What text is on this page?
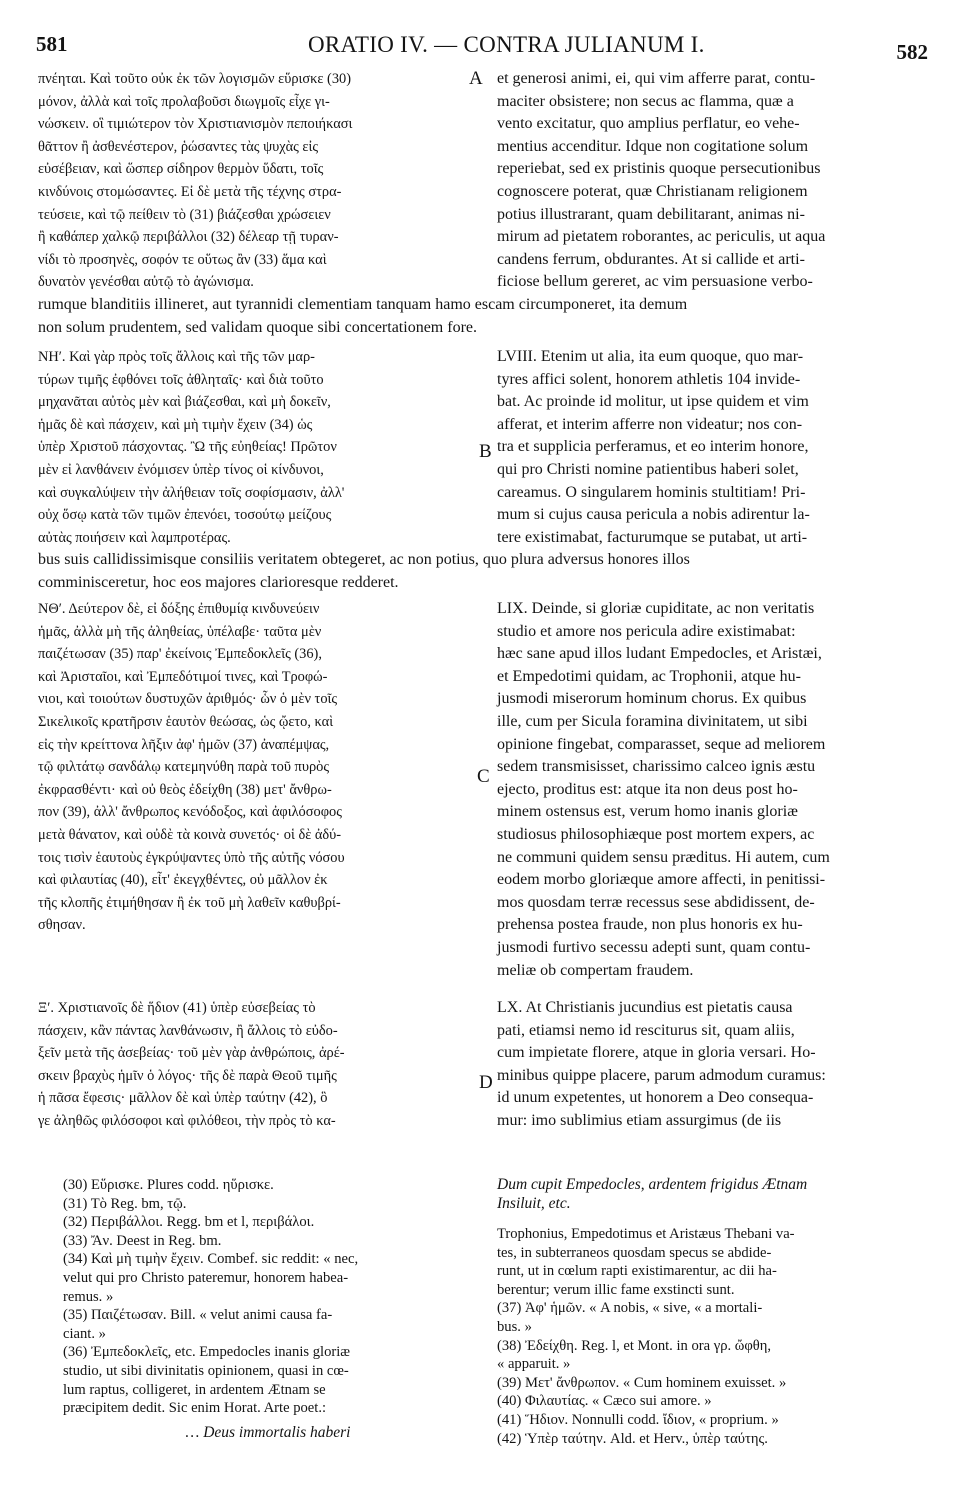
581	ORATIO IV. — CONTRA JULIANUM I.	582
A
B
C
D
πνέηται. Καὶ τοῦτο οὐκ ἐκ τῶν λογισμῶν εὕρισκε (30)
μόνον, ἀλλὰ καὶ τοῖς προλαβοῦσι διωγμοῖς εἶχε γι-
νώσκειν. οἳ τιμιώτερον τὸν Χριστιανισμὸν πεποιήκασι
θᾶττον ἢ ἀσθενέστερον, ῥώσαντες τὰς ψυχὰς εἰς
εὐσέβειαν, καὶ ὥσπερ σίδηρον θερμὸν ὕδατι, τοῖς
κινδύνοις στομώσαντες. Εἰ δὲ μετὰ τῆς τέχνης στρα-
τεύσειε, καὶ τῷ πείθειν τὸ (31) βιάζεσθαι χρώσειεν
ἢ καθάπερ χαλκῷ περιβάλλοι (32) δέλεαρ τῇ τυραν-
νίδι τὸ προσηνὲς, σοφόν τε οὕτως ἂν (33) ἅμα καὶ
δυνατὸν γενέσθαι αὐτῷ τὸ ἀγώνισμα.
et generosi animi, ei, qui vim afferre parat, contu-
maciter obsistere; non secus ac flamma, quæ a
vento excitatur, quo amplius perflatur, eo vehe-
mentius accenditur. Idque non cogitatione solum
reperiebat, sed ex pristinis quoque persecutionibus
cognoscere poterat, quæ Christianam religionem
potius illustrarant, quam debilitarant, animas ni-
mirum ad pietatem roborantes, ac periculis, ut aqua
candens ferrum, obdurantes. At si callide et arti-
ficiose bellum gereret, ac vim persuasione verbo-
rumque blanditiis illineret, aut tyrannidi clementiam tanquam hamo escam circumponeret, ita demum
non solum prudentem, sed validam quoque sibi concertationem fore.
ΝΗʹ. Καὶ γὰρ πρὸς τοῖς ἄλλοις καὶ τῆς τῶν μαρ-
τύρων τιμῆς ἐφθόνει τοῖς ἀθληταῖς· καὶ διὰ τοῦτο
μηχανᾶται αὐτὸς μὲν καὶ βιάζεσθαι, καὶ μὴ δοκεῖν,
ἡμᾶς δὲ καὶ πάσχειν, καὶ μὴ τιμὴν ἔχειν (34) ὡς
ὑπὲρ Χριστοῦ πάσχοντας. Ὢ τῆς εὐηθείας! Πρῶτον
μὲν εἰ λανθάνειν ἐνόμισεν ὑπὲρ τίνος οἱ κίνδυνοι,
καὶ συγκαλύψειν τὴν ἀλήθειαν τοῖς σοφίσμασιν, ἀλλ'
οὐχ ὅσῳ κατὰ τῶν τιμῶν ἐπενόει, τοσούτῳ μείζους
αὐτὰς ποιήσειν καὶ λαμπροτέρας.
LVIII. Etenim ut alia, ita eum quoque, quo mar-
tyres affici solent, honorem athletis 104 invide-
bat. Ac proinde id molitur, ut ipse quidem et vim
afferat, et interim afferre non videatur; nos con-
tra et supplicia perferamus, et eo interim honore,
qui pro Christi nomine patientibus haberi solet,
careamus. O singularem hominis stultitiam! Pri-
mum si cujus causa pericula a nobis adirentur la-
tere existimabat, facturumque se putabat, ut arti-
bus suis callidissimisque consiliis veritatem obtegeret, ac non potius, quo plura adversus honores illos
comminisceretur, hoc eos majores clarioresque redderet.
ΝΘʹ. Δεύτερον δὲ, εἰ δόξης ἐπιθυμίᾳ κινδυνεύειν
ἡμᾶς, ἀλλὰ μὴ τῆς ἀληθείας, ὑπέλαβε· ταῦτα μὲν
παιζέτωσαν (35) παρ' ἐκείνοις Ἐμπεδοκλεῖς (36),
καὶ Ἀρισταῖοι, καὶ Ἐμπεδότιμοί τινες, καὶ Τροφώ-
νιοι, καὶ τοιούτων δυστυχῶν ἀριθμός· ὧν ὁ μὲν τοῖς
Σικελικοῖς κρατῆρσιν ἑαυτὸν θεώσας, ὡς ᾤετο, καὶ
εἰς τὴν κρείττονα λῆξιν ἀφ' ἡμῶν (37) ἀναπέμψας,
τῷ φιλτάτῳ σανδάλῳ κατεμηνύθη παρὰ τοῦ πυρὸς
ἐκφρασθέντι· καὶ οὐ θεὸς ἐδείχθη (38) μετ' ἄνθρω-
πον (39), ἀλλ' ἄνθρωπος κενόδοξος, καὶ ἀφιλόσοφος
μετὰ θάνατον, καὶ οὐδὲ τὰ κοινὰ συνετός· οἱ δὲ ἀδύ-
τοις τισὶν ἑαυτοὺς ἐγκρύψαντες ὑπὸ τῆς αὐτῆς νόσου
καὶ φιλαυτίας (40), εἶτ' ἐκεγχθέντες, οὐ μᾶλλον ἐκ
τῆς κλοπῆς ἐτιμήθησαν ἢ ἐκ τοῦ μὴ λαθεῖν καθυβρί-
σθησαν.
LIX. Deinde, si gloriæ cupiditate, ac non veritatis
studio et amore nos pericula adire existimabat:
hæc sane apud illos ludant Empedocles, et Aristæi,
et Empedotimi quidam, ac Trophonii, atque hu-
jusmodi miserorum hominum chorus. Ex quibus
ille, cum per Sicula foramina divinitatem, ut sibi
opinione fingebat, comparasset, seque ad meliorem
sedem transmisisset, charissimo calceo ignis æstu
ejecto, proditus est: atque ita non deus post ho-
minem ostensus est, verum homo inanis gloriæ
studiosus philosophiæque post mortem expers, ac
ne communi quidem sensu præditus. Hi autem, cum
eodem morbo gloriæque amore affecti, in penitissi-
mos quosdam terræ recessus sese abdidissent, de-
prehensa postea fraude, non plus honoris ex hu-
jusmodi furtivo secessu adepti sunt, quam contu-
meliæ ob compertam fraudem.
Ξʹ. Χριστιανοῖς δὲ ἥδιον (41) ὑπὲρ εὐσεβείας τὸ
πάσχειν, κἂν πάντας λανθάνωσιν, ἢ ἄλλοις τὸ εὐδο-
ξεῖν μετὰ τῆς ἀσεβείας· τοῦ μὲν γὰρ ἀνθρώποις, ἀρέ-
σκειν βραχὺς ἡμῖν ὁ λόγος· τῆς δὲ παρὰ Θεοῦ τιμῆς
ἡ πᾶσα ἔφεσις· μᾶλλον δὲ καὶ ὑπὲρ ταύτην (42), ὃ
γε ἀληθῶς φιλόσοφοι καὶ φιλόθεοι, τὴν πρὸς τὸ κα-
LX. At Christianis jucundius est pietatis causa
pati, etiamsi nemo id resciturus sit, quam aliis,
cum impietate florere, atque in gloria versari. Ho-
minibus quippe placere, parum admodum curamus:
id unum expetentes, ut honorem a Deo consequa-
mur: imo sublimius etiam assurgimus (de iis
(30) Εὕρισκε. Plures codd. ηὕρισκε.
(31) Τὸ Reg. bm, τῷ.
(32) Περιβάλλοι. Regg. bm et l, περιβάλοι.
(33) Ἄν. Deest in Reg. bm.
(34) Καὶ μὴ τιμὴν ἔχειν. Combef. sic reddit: « nec,
velut qui pro Christo pateremur, honorem habea-
remus. »
(35) Παιζέτωσαν. Bill. « velut animi causa fa-
ciant. »
(36) Ἐμπεδοκλεῖς, etc. Empedocles inanis gloriæ
studio, ut sibi divinitatis opinionem, quasi in cœ-
lum raptus, colligeret, in ardentem Ætnam se
præcipitem dedit. Sic enim Horat. Arte poet.:
… Deus immortalis haberi
Dum cupit Empedocles, ardentem frigidus Ætnam
Insiluit, etc.
Trophonius, Empedotimus et Aristæus Thebani va-
tes, in subterraneos quosdam specus se abdide-
runt, ut in cœlum rapti existimarentur, ac dii ha-
berentur; verum illic fame exstincti sunt.
(37) Ἀφ' ἡμῶν. « A nobis, « sive, « a mortali-
bus. »
(38) Ἐδείχθη. Reg. l, et Mont. in ora γρ. ὤφθη,
« apparuit. »
(39) Μετ' ἄνθρωπον. « Cum hominem exuisset. »
(40) Φιλαυτίας. « Cæco sui amore. »
(41) Ἥδιον. Nonnulli codd. ἴδιον, « proprium. »
(42) Ὑπὲρ ταύτην. Ald. et Herv., ὑπὲρ ταύτης.
